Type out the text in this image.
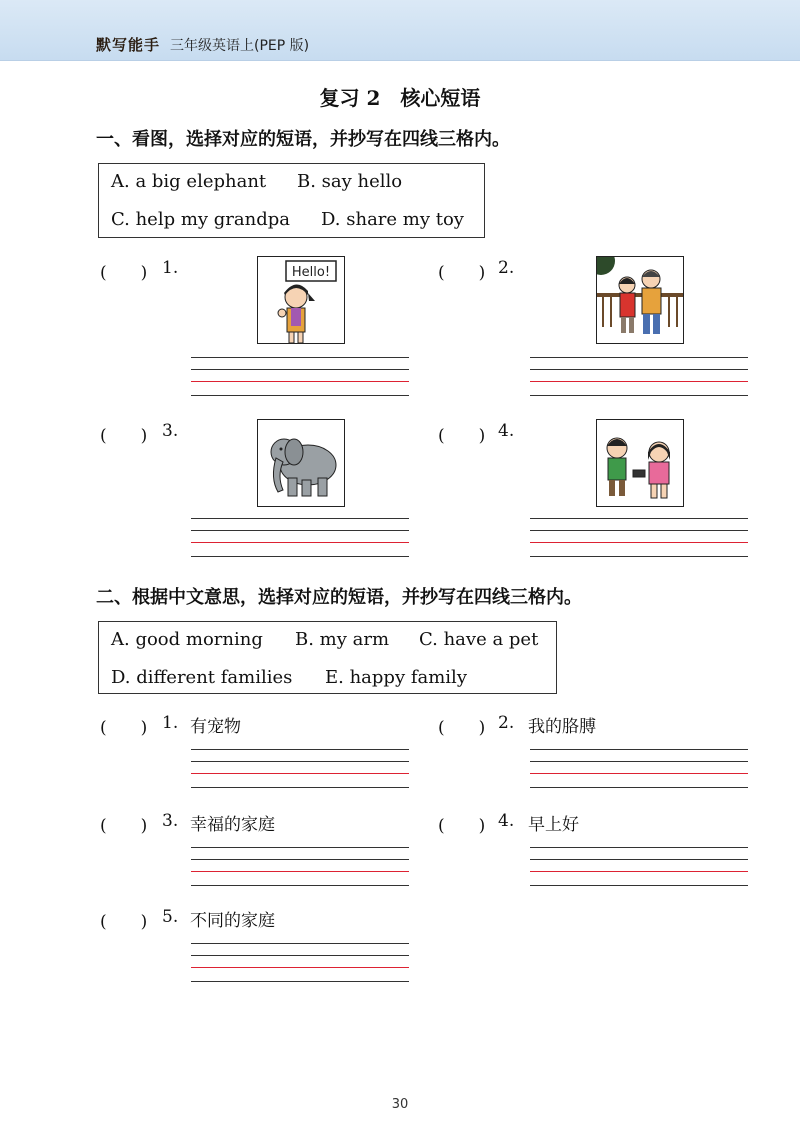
默写能手 三年级英语上(PEP 版)
复习 2　核心短语
一、看图，选择对应的短语，并抄写在四线三格内。
A. a big elephant B. say hello
C. help my grandpa D. share my toy
(　　) 1.	Hello!	(　　) 2.
(　　) 3.	(　　) 4.
二、根据中文意思，选择对应的短语，并抄写在四线三格内。
A. good morning B. my arm C. have a pet
D. different families E. happy family
(　　) 1. 有宠物	(　　) 2. 我的胳膊
(　　) 3. 幸福的家庭	(　　) 4. 早上好
(　　) 5. 不同的家庭
30
